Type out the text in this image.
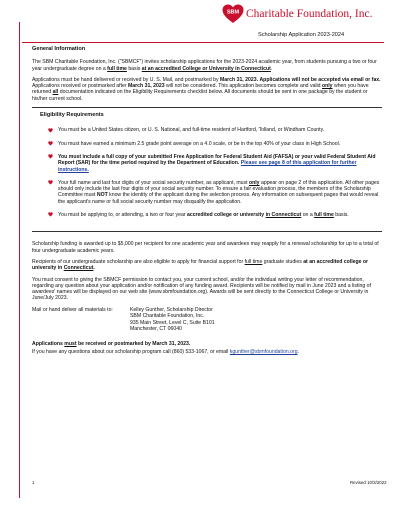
SBM Charitable Foundation, Inc.
Scholarship Application 2023-2024
General Information

The SBM Charitable Foundation, Inc. ("SBMCF") invites scholarship applications for the 2023-2024 academic year, from students pursuing a two or four year undergraduate degree on a full time basis at an accredited College or University in Connecticut.

Applications must be hand delivered or received by U. S. Mail, and postmarked by March 31, 2023. Applications will not be accepted via email or fax. Applications received or postmarked after March 31, 2023 will not be considered. This application becomes complete and valid only when you have returned all documentation indicated on the Eligibility Requirements checklist below. All documents should be sent in one package by the student or his/her current school.

Eligibility Requirements
You must be a United States citizen, or U. S. National, and full-time resident of Hartford, Tolland, or Windham County.
You must have earned a minimum 2.5 grade point average on a 4.0 scale, or be in the top 40% of your class in High School.
You must include a full copy of your submitted Free Application for Federal Student Aid (FAFSA) or your valid Federal Student Aid Report (SAR) for the time period required by the Department of Education. Please see page 8 of this application for further instructions.
Your full name and last four digits of your social security number, as applicant, must only appear on page 2 of this application. All other pages should only include the last four digits of your social security number. To ensure a fair evaluation process, the members of the Scholarship Committee must NOT know the identity of the applicant during the selection process. Any information on subsequent pages that would reveal the applicant's name or full social security number may disqualify the application.
You must be applying to, or attending, a two or four year accredited college or university in Connecticut on a full time basis.

Scholarship funding is awarded up to $5,000 per recipient for one academic year and awardees may reapply for a renewal scholarship for up to a total of four undergraduate academic years.

Recipients of our undergraduate scholarship are also eligible to apply for financial support for full time graduate studies at an accredited college or university in Connecticut.

You must consent to giving the SBMCF permission to contact you, your current school, and/or the individual writing your letter of recommendation, regarding any question about your application and/or notification of any funding award. Recipients will be notified by mail in June 2023 and a listing of awardees' names will be displayed on our web site (www.sbmfoundation.org). Awards will be sent directly to the Connecticut College or University in June/July 2023.

Mail or hand deliver all materials to:	Kelley Gunther, Scholarship Director
SBM Charitable Foundation, Inc.
935 Main Street, Level C, Suite B101
Manchester, CT 06040

Applications must be received or postmarked by March 31, 2023.

If you have any questions about our scholarship program call (860) 533-1067, or email kgunther@sbmfoundation.org.

1	Revised 10/3/2022
